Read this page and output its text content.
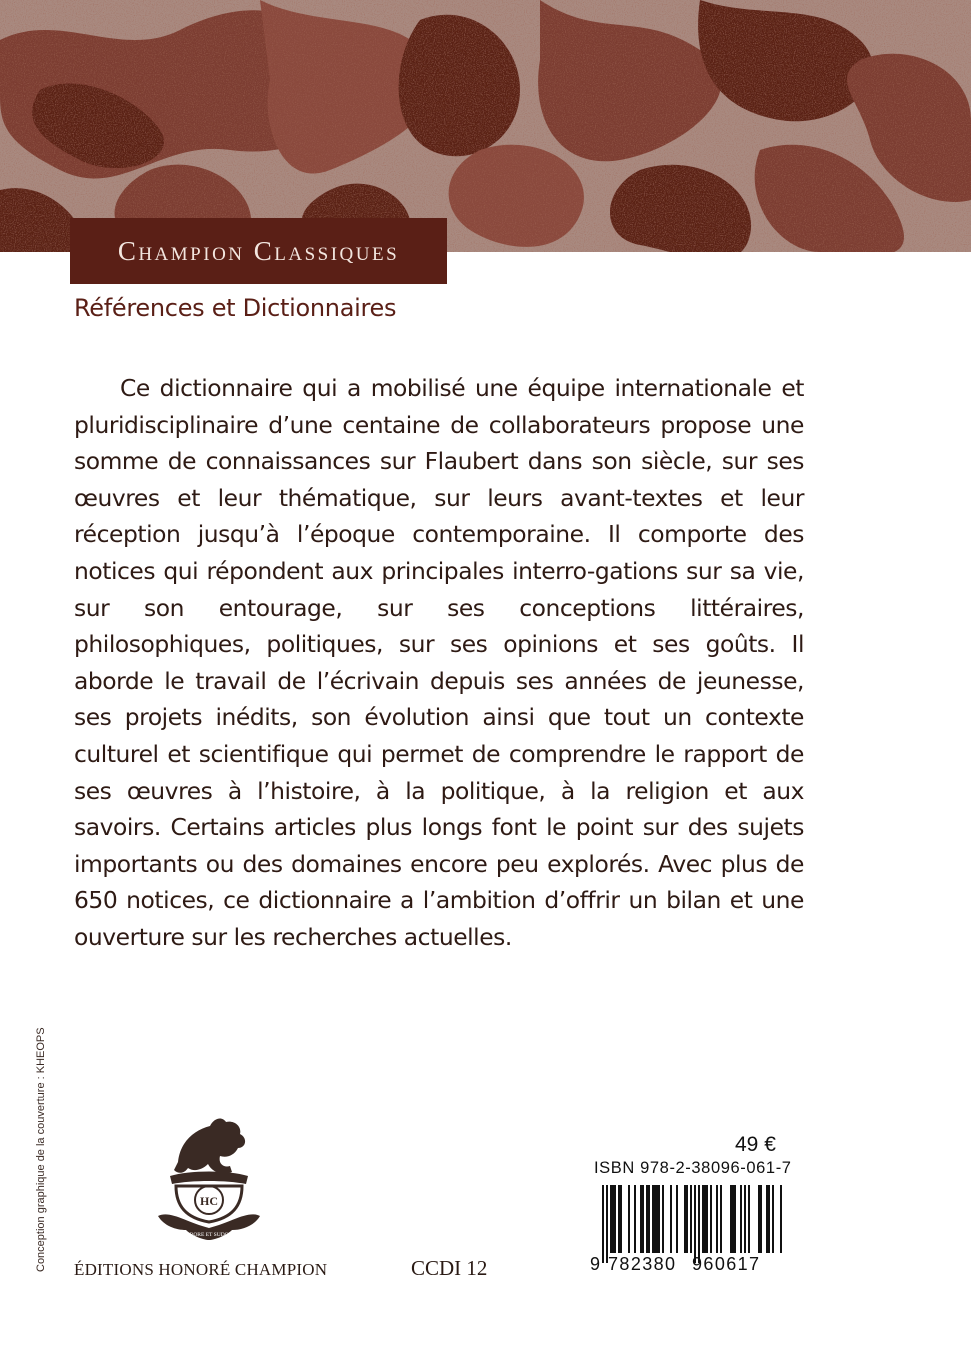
Champion Classiques
Références et Dictionnaires

Ce dictionnaire qui a mobilisé une équipe internationale et pluridisciplinaire d’une centaine de collaborateurs propose une somme de connaissances sur Flaubert dans son siècle, sur ses œuvres et leur thématique, sur leurs avant-textes et leur réception jusqu’à l’époque contemporaine. Il comporte des notices qui répondent aux principales interro-gations sur sa vie, sur son entourage, sur ses conceptions littéraires, philosophiques, politiques, sur ses opinions et ses goûts. Il aborde le travail de l’écrivain depuis ses années de jeunesse, ses projets inédits, son évolution ainsi que tout un contexte culturel et scientifique qui permet de comprendre le rapport de ses œuvres à l’histoire, à la politique, à la religion et aux savoirs. Certains articles plus longs font le point sur des sujets importants ou des domaines encore peu explorés. Avec plus de 650 notices, ce dictionnaire a l’ambition d’offrir un bilan et une ouverture sur les recherches actuelles.

Conception graphique de la couverture : KHEOPS	HC
LABORE ET SUDORE
ÉDITIONS HONORÉ CHAMPION	CCDI 12
49 €
ISBN 978-2-38096-061-7
9 782380 960617
